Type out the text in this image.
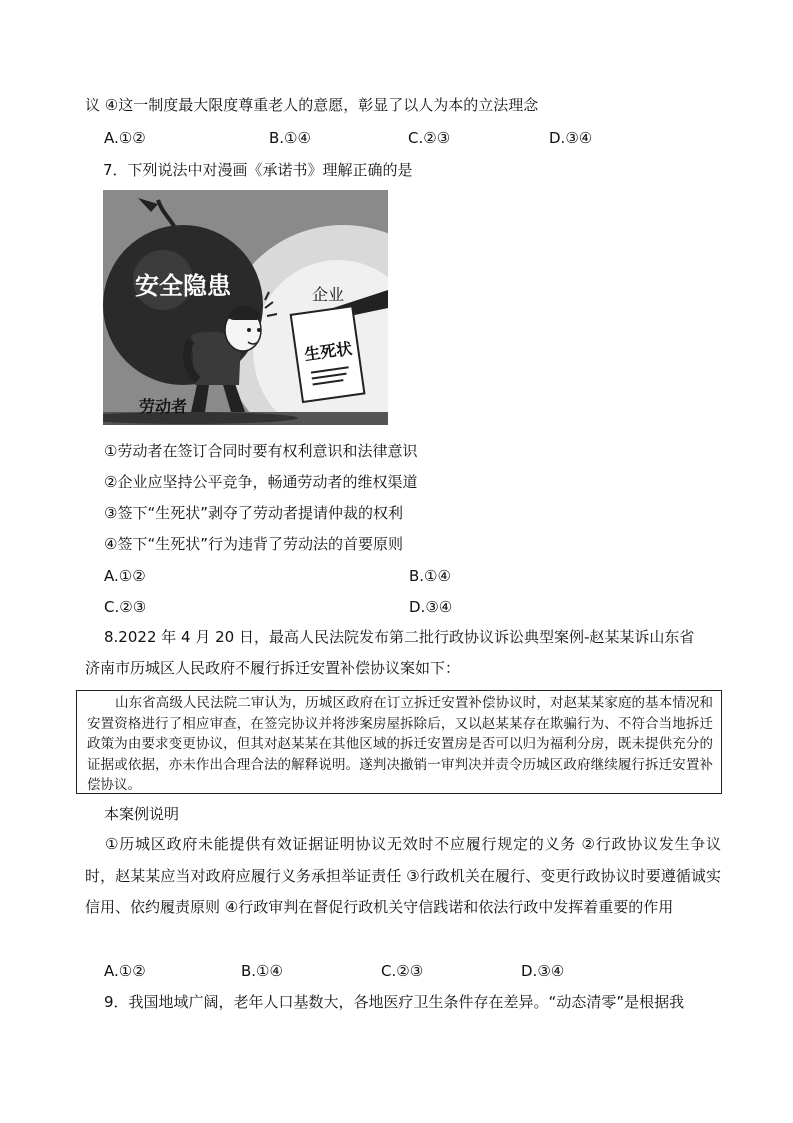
议 ④这一制度最大限度尊重老人的意愿，彰显了以人为本的立法理念
A.①②	B.①④	C.②③	D.③④
7．下列说法中对漫画《承诺书》理解正确的是
安全隐患	企业
生死状
劳动者
①劳动者在签订合同时要有权利意识和法律意识
②企业应坚持公平竞争，畅通劳动者的维权渠道
③签下“生死状”剥夺了劳动者提请仲裁的权利
④签下“生死状”行为违背了劳动法的首要原则
A.①②	B.①④
C.②③	D.③④
8.2022 年 4 月 20 日，最高人民法院发布第二批行政协议诉讼典型案例-赵某某诉山东省
济南市历城区人民政府不履行拆迁安置补偿协议案如下：
山东省高级人民法院二审认为，历城区政府在订立拆迁安置补偿协议时，对赵某某家庭的基本情况和安置资格进行了相应审查，在签完协议并将涉案房屋拆除后，又以赵某某存在欺骗行为、不符合当地拆迁政策为由要求变更协议，但其对赵某某在其他区域的拆迁安置房是否可以归为福利分房，既未提供充分的证据或依据，亦未作出合理合法的解释说明。遂判决撤销一审判决并责令历城区政府继续履行拆迁安置补偿协议。
本案例说明
①历城区政府未能提供有效证据证明协议无效时不应履行规定的义务 ②行政协议发生争议时，赵某某应当对政府应履行义务承担举证责任 ③行政机关在履行、变更行政协议时要遵循诚实信用、依约履责原则 ④行政审判在督促行政机关守信践诺和依法行政中发挥着重要的作用
A.①②	B.①④	C.②③	D.③④
9．我国地域广阔，老年人口基数大，各地医疗卫生条件存在差异。“动态清零”是根据我
